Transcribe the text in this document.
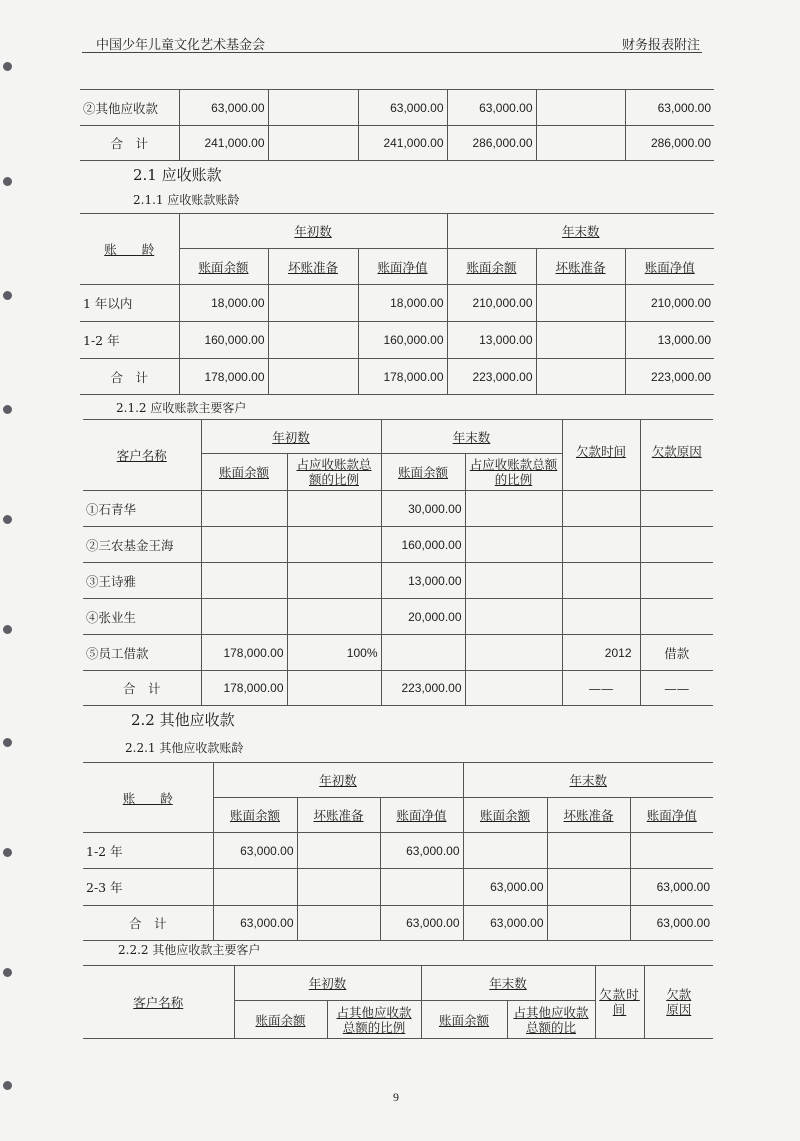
中国少年儿童文化艺术基金会	财务报表附注
②其他应收款	63,000.00		63,000.00	63,000.00		63,000.00
合　计	241,000.00		241,000.00	286,000.00		286,000.00
2.1 应收账款
2.1.1 应收账款账龄
账　　龄	年初数			年末数		
	账面余额	坏账准备	账面净值	账面余额	坏账准备	账面净值
1 年以内	18,000.00		18,000.00	210,000.00		210,000.00
1-2 年	160,000.00		160,000.00	13,000.00		13,000.00
合　计	178,000.00		178,000.00	223,000.00		223,000.00
2.1.2 应收账款主要客户
客户名称	年初数		年末数		欠款时间	欠款原因
	账面余额	占应收账款总额的比例	账面余额	占应收账款总额的比例		
①石青华			30,000.00			
②三农基金王海			160,000.00			
③王诗雅			13,000.00			
④张业生			20,000.00			
⑤员工借款	178,000.00	100%			2012	借款
合　计	178,000.00		223,000.00		——	——
2.2 其他应收款
2.2.1 其他应收款账龄
账　　龄	年初数			年末数		
	账面余额	坏账准备	账面净值	账面余额	坏账准备	账面净值
1-2 年	63,000.00		63,000.00			
2-3 年				63,000.00		63,000.00
合　计	63,000.00		63,000.00	63,000.00		63,000.00
2.2.2 其他应收款主要客户
客户名称	年初数		年末数		欠款时间	欠款原因
	账面余额	占其他应收款总额的比例	账面余额	占其他应收款总额的比		
9
